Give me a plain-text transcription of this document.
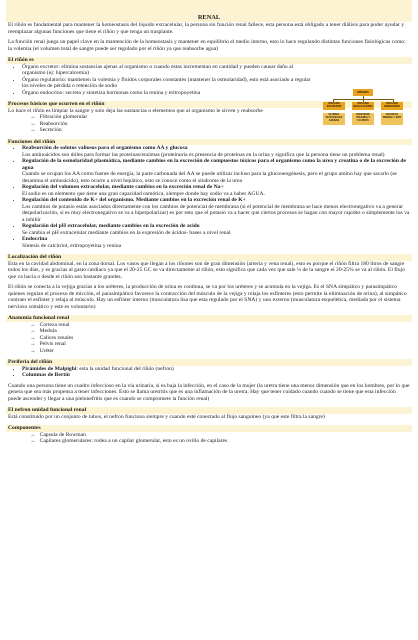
RENAL

El riñón es fundamental para mantener la homeostasis del líquido extracelular, la persona sin función renal fallece, esta persona está obligado a tener diálisis para poder ayudar y reemplazar algunas funciones que tiene el riñón y que tenga un trasplante.

La función renal juega un papel clave en la mantención de la homeostasis y mantener en equilibrio el medio interno, esto lo hace regulando distintas funciones fisiológicas como: la volemia (el volumen total de sangre puede ser regulado por el riñón ya que reabsorbe agua)

El riñón es
• Órgano excretor: elimina sustancias ajenas al organismo o cuando estas incrementan en cantidad y pueden causar daño al organismo (ej: hipercalcemia)
• Órgano regulatorio: mantienen la volemia y fluidos corporales constantes (mantener la osmolaridad), esto está asociado a regular los niveles de pérdida o retención de sodio
• Órgano endocrino: secreta y sintetiza hormonas como la renina y eritropoyetina
Procesos básicos que ocurren en el riñón
Lo hace el riñón es limpiar la sangre y solo deja las sustancias o elementos que al organismo le sirven y reabsorbe
→ Filtración glomerular
→ Reabsorción
→ Secreción
Funciones del riñón
• Reabsorción de solutos valiosos para el organismo como AA y glucosa
Los aminoácidos son útiles para formar las proteínas/enzimas (proteinuria es presencia de proteínas en la orina y significa que la persona tiene un problema renal)
• Regulación de la osmolaridad plasmática, mediante cambios en la excreción de compuestos tóxicos para el organismo como la urea y creatina o de la excreción de agua
Cuando se ocupan los AA como fuente de energía, la parte carbonada del AA se puede utilizar incluso para la gluconeogénesis, pero el grupo amino hay que sacarlo (se desamina el aminoácido), esto ocurre a nivel hepático, esto se conoce como el síndrome de la urea
• Regulación del volumen extracelular, mediante cambios en la excreción renal de Na+
El sodio es un elemento que tiene una gran capacidad osmótica, siempre donde hay sodio va a haber AGUA.
• Regulación del contenido de K+ del organismo. Mediante cambios en la excreción renal de K+
Los cambios de potasio están asociados directamente con los cambios de potencial de membrana (si el potencial de membrana se hace menos electronegativo va a generar despolarización, si es muy electronegativo se va a hiperpolarizar) es por esto que el potasio va a hacer que ciertos procesos se hagan con mayor rapidez o simplemente los va a inhibir
• Regulación del pH extracelular, mediante cambios en la excreción de acido
Se cambia el pH extracelular mediante cambios en la expresión de ácidos- bases a nivel renal
• Endocrina
Síntesis de calcitriol, eritropoyetina y renina
Localización del riñón

Esta en la cavidad abdominal, en la zona dorsal. Los vasos que llegan a los riñones son de gran dimensión (arteria y vena renal), esto es porque el riñón filtra 180 litros de sangre todos los días, y es gracias al gasto cardiaco ya que el 20-25 GC se va directamente al riñón, esto significa que cada vez que sale ¼ de la sangre el 20-25% se va al riñón. El flujo que va hacia o desde el riñón son bastante grandes.

El riñón se conecta a la vejiga gracias a los uréteres, la producción de orina es continua, se va por los uréteres y se acumula en la vejiga. Es el SNA simpático y parasimpático quienes regulan el proceso de micción, el parasimpático favorece la contracción del músculo de la vejiga y relaja los esfínteres (esto permite la eliminación de orina), al simpático contraer el esfínter y relaja al músculo. Hay un esfínter interno (musculatura lisa que esta regulado por el SNA) y uno externo (musculatura esquelética, mediada por el sistema nervioso somático y este es voluntario)

Anatomía funcional renal
→ Corteza renal
→ Medula
→ Calices renales
→ Pelvis renal
→ Uréter
Periferia del riñón
• Pirámides de Malpighi: esta la unidad funcional del riñón (nefron)
• Columnas de Bertín

Cuando una persona tiene un cuadro infeccioso en la vía urinaria, si es baja la infección, en el caso de la mujer (la uretra tiene una menor dimensión que en los hombres, por lo que genera que sea más propensa a tener infecciones. Esto se llama uretritis que es una inflamación de la uretra. Hay que tener cuidado cuando cuando se tiene que esta infección puede ascender y llegar a una pielonefritis que es cuando se compromete la función renal)

El nefron unidad funcional renal

Está constituido por un conjunto de tubos, el nefron funciona siempre y cuando esté conectado al flujo sanguíneo (ya que este filtra la sangre)

Componentes
→ Capsula de Bowman
→ Capilares glomerulares: rodea a un capilar glomerular, esto es un ovillo de capilares
RIÑONES
ÓRGANO EXCRETOR
ÓRGANO REGULATORIO
ÓRGANO ENDOCRINO
ELIMINA SUSTANCIAS AJENAS
MANTIENE VOLEMIA Y FLUIDOS
SECRETA RENINA Y EPO
